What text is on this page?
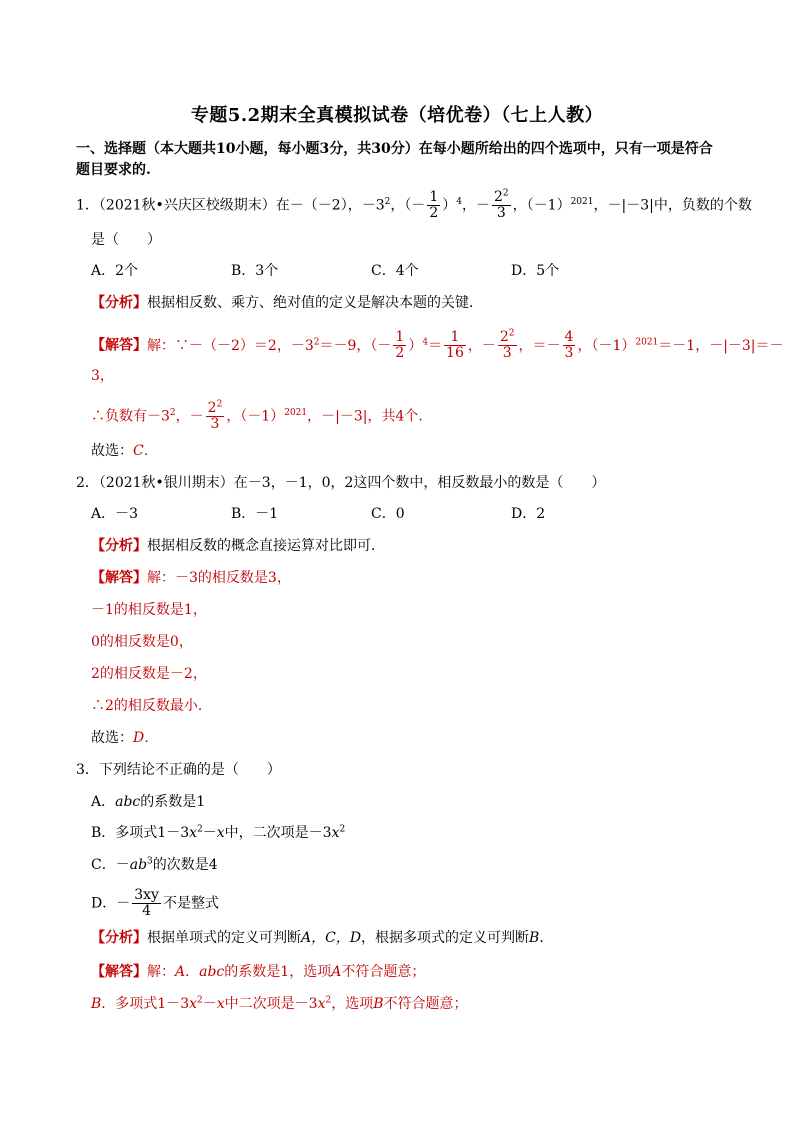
专题5.2期末全真模拟试卷（培优卷）（七上人教）
一、选择题（本大题共10小题，每小题3分，共30分）在每小题所给出的四个选项中，只有一项是符合
题目要求的.
1．（2021秋•兴庆区校级期末）在－（－2），$-3^2$，（－ $\frac{1}{2} )^4$，－ $\frac{2^2}{3}$ ，$(-1)^{2021}$，－|－3|中，负数的个数
是（　　）
A．2个	B．3个	C．4个	D．5个
【分析】根据相反数、乘方、绝对值的定义是解决本题的关键．
【解答】解：∵－（－2）＝2，$-3^2=-9$，（－ $\frac{1}{2} )^4= \frac{1}{16}$ ，－ $\frac{2^2}{3}$ ，＝－ $\frac{4}{3}$ ，$(-1)^{2021}=-1$，－|－3|＝－
3，
∴负数有$-3^2$，－ $\frac{2^2}{3}$ ，$(-1)^{2021}$，－|－3|，共4个．
故选：C．
2．（2021秋•银川期末）在－3，－1，0，2这四个数中，相反数最小的数是（　　）
A．－3	B．－1	C．0	D．2
【分析】根据相反数的概念直接运算对比即可．
【解答】解：－3的相反数是3，
－1的相反数是1，
0的相反数是0，
2的相反数是－2，
∴2的相反数最小．
故选：D．
3．下列结论不正确的是（　　）
A．abc的系数是1
B．多项式$1-3x^2-x$中，二次项是$-3x^2$
C．$-ab^3$的次数是4
D．－ $\frac{3xy}{4}$ 不是整式
【分析】根据单项式的定义可判断A，C，D，根据多项式的定义可判断B．
【解答】解：A．abc的系数是1，选项A不符合题意；
B．多项式$1-3x^2-x$中二次项是$-3x^2$，选项B不符合题意；
